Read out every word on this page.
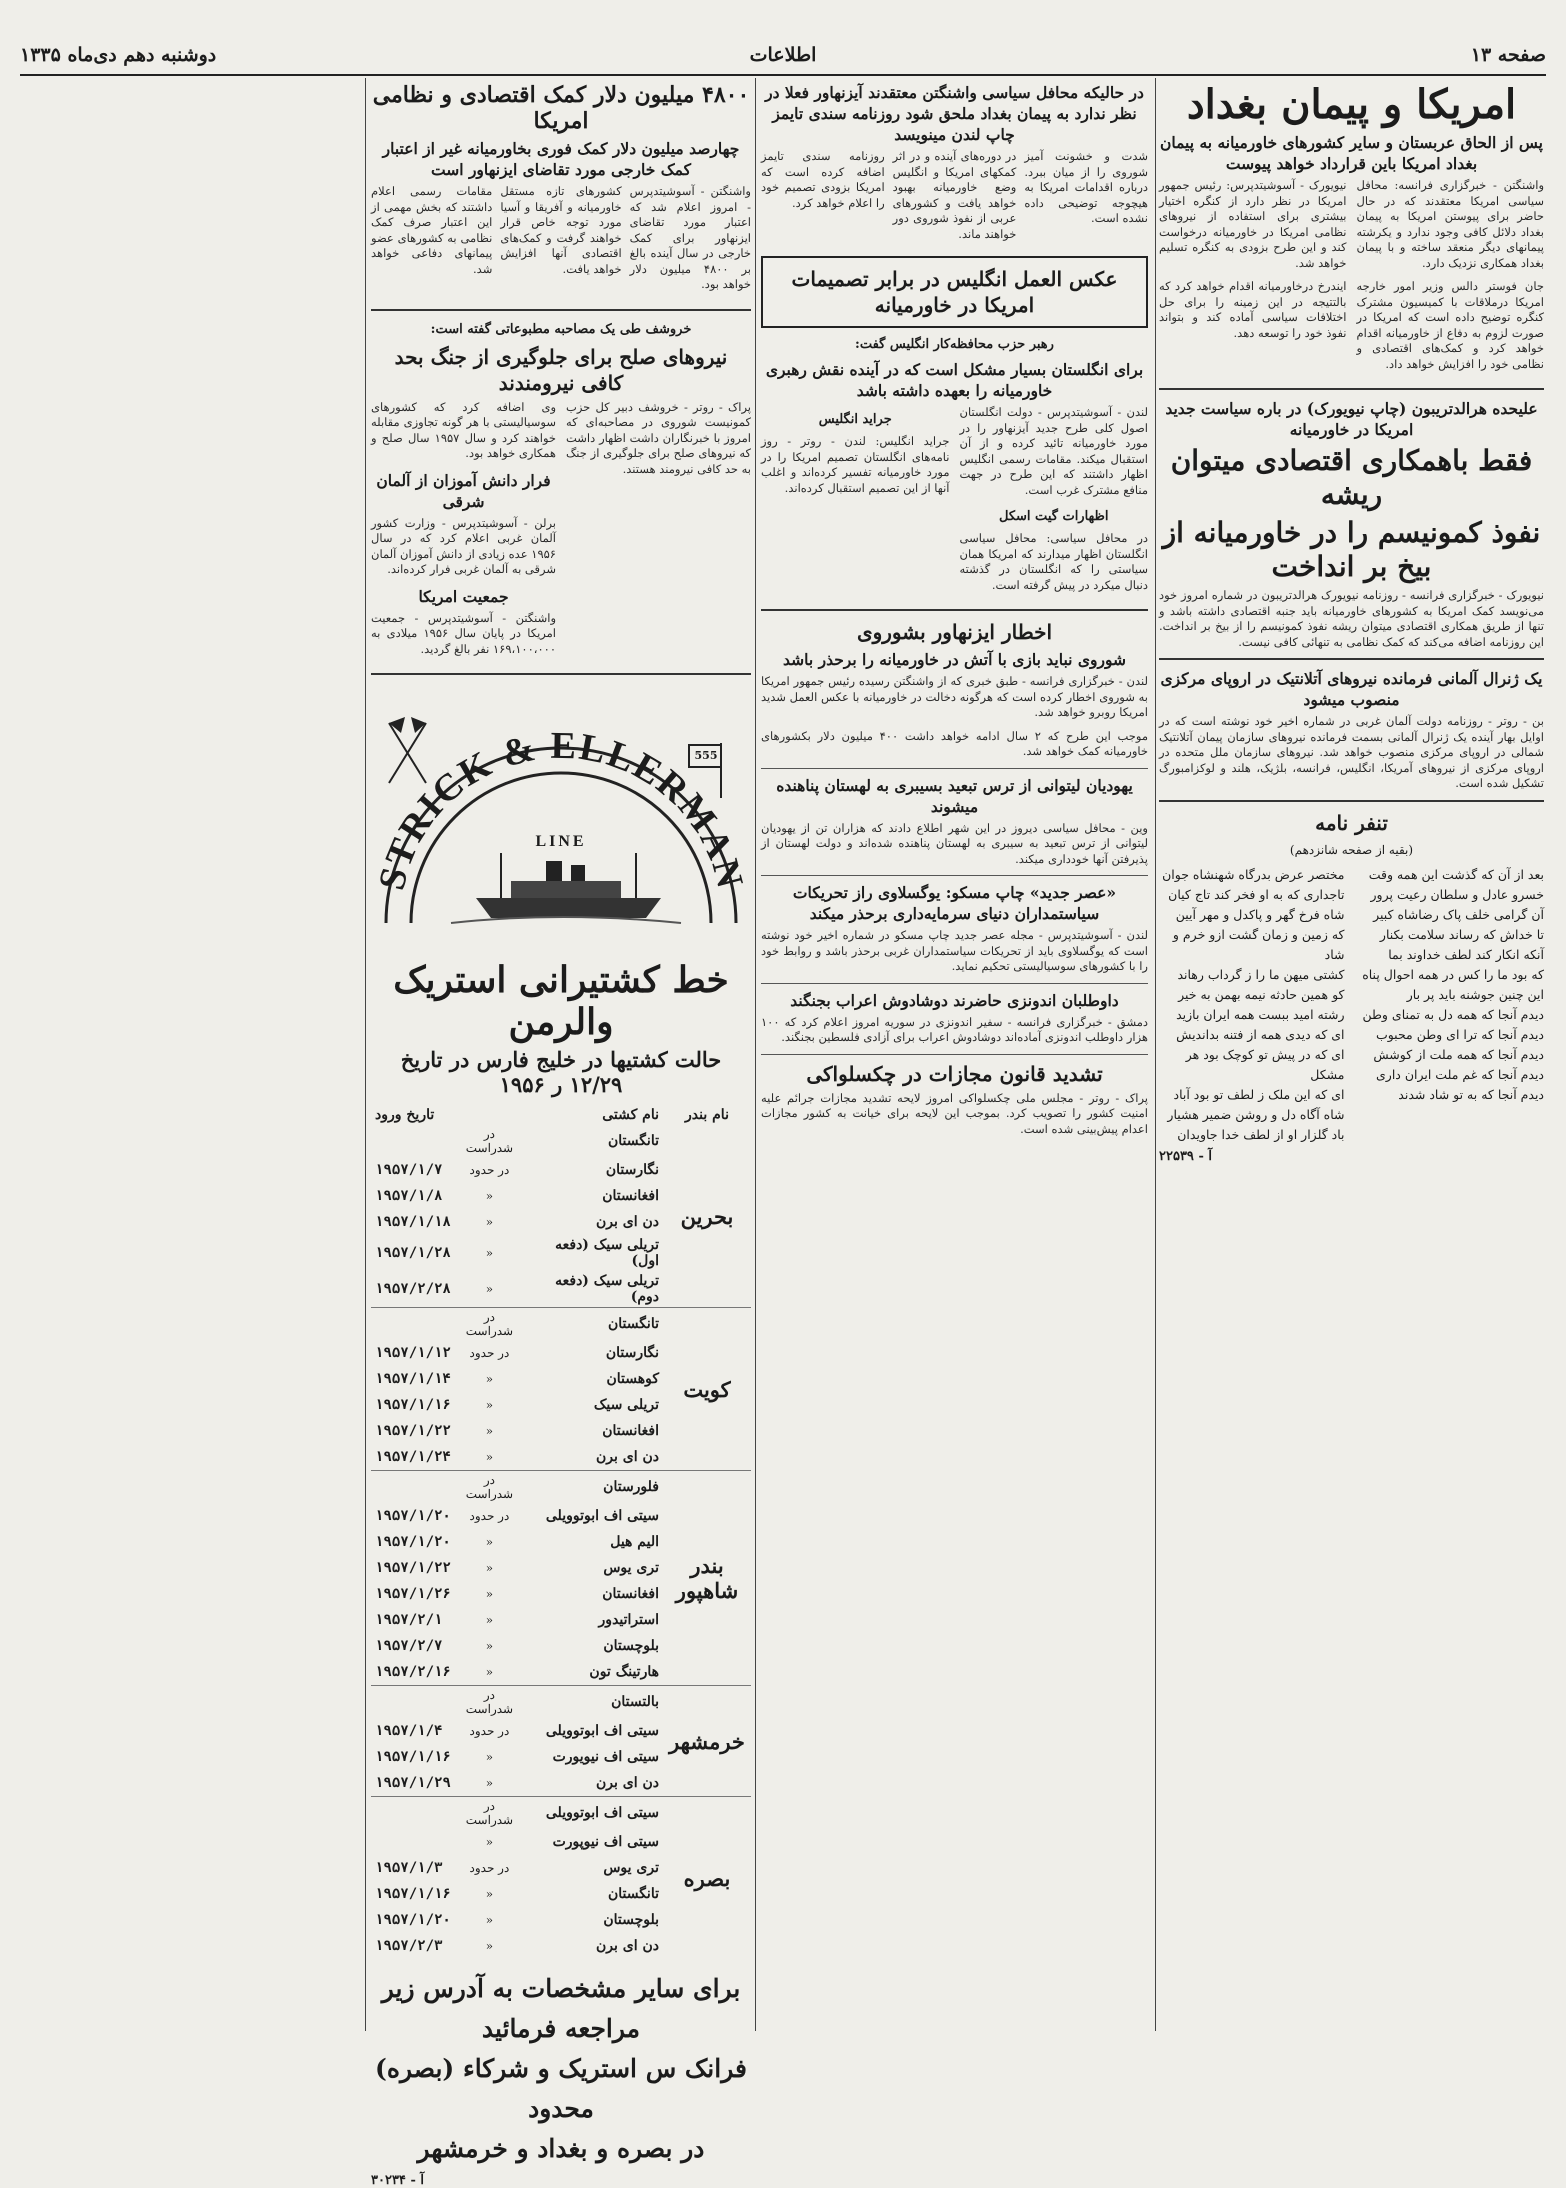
صفحه ۱۳
اطلاعات
دوشنبه دهم دی‌ماه ۱۳۳۵
امریکا و پیمان بغداد
پس از الحاق عربستان و سایر کشورهای خاورمیانه به پیمان بغداد امریکا باین قرارداد خواهد پیوست

واشنگتن - خبرگزاری فرانسه: محافل سیاسی امریکا معتقدند که در حال حاضر برای پیوستن امریکا به پیمان بغداد دلائل کافی وجود ندارد و یکرشته پیمانهای دیگر منعقد ساخته و با پیمان بغداد همکاری نزدیک دارد.

جان فوستر دالس وزیر امور خارجه امریکا درملاقات با کمیسیون مشترک کنگره توضیح داده است که امریکا در صورت لزوم به دفاع از خاورمیانه اقدام خواهد کرد و کمک‌های اقتصادی و نظامی خود را افزایش خواهد داد.

نیویورک - آسوشیتدپرس: رئیس جمهور امریکا در نظر دارد از کنگره اختیار بیشتری برای استفاده از نیروهای نظامی امریکا در خاورمیانه درخواست کند و این طرح بزودی به کنگره تسلیم خواهد شد.

ایندرخ درخاورمیانه اقدام خواهد کرد که بالتتیجه در این زمینه را برای حل اختلافات سیاسی آماده کند و بتواند نفوذ خود را توسعه دهد.

علیحده هرالدتریبون (چاپ نیویورک) در باره سیاست جدید امریکا در خاورمیانه
فقط باهمکاری اقتصادی میتوان ریشه
نفوذ کمونیسم را در خاورمیانه از بیخ بر انداخت

نیویورک - خبرگزاری فرانسه - روزنامه نیویورک هرالدتریبون در شماره امروز خود می‌نویسد کمک امریکا به کشورهای خاورمیانه باید جنبه اقتصادی داشته باشد و تنها از طریق همکاری اقتصادی میتوان ریشه نفوذ کمونیسم را از بیخ بر انداخت. این روزنامه اضافه می‌کند که کمک نظامی به تنهائی کافی نیست.

یک ژنرال آلمانی فرمانده نیروهای آتلانتیک در اروپای مرکزی منصوب میشود

بن - روتر - روزنامه دولت آلمان غربی در شماره اخیر خود نوشته است که در اوایل بهار آینده یک ژنرال آلمانی بسمت فرمانده نیروهای سازمان پیمان آتلانتیک شمالی در اروپای مرکزی منصوب خواهد شد. نیروهای سازمان ملل متحده در اروپای مرکزی از نیروهای آمریکا، انگلیس، فرانسه، بلژیک، هلند و لوکزامبورگ تشکیل شده است.

تنفر نامه
(بقیه از صفحه شانزدهم)
بعد از آن که گذشت این همه وقت
خسرو عادل و سلطان رعیت پرور
آن گرامی خلف پاک رضاشاه کبیر
تا خداش که رساند سلامت بکنار
آنکه انکار کند لطف خداوند بما
که بود ما را کس در همه احوال پناه
این چنین جوشنه باید پر بار
دیدم آنجا که همه دل به تمنای وطن
دیدم آنجا که ترا ای وطن محبوب
دیدم آنجا که همه ملت از کوشش
دیدم آنجا که غم ملت ایران داری
دیدم آنجا که به تو شاد شدند
مختصر عرض بدرگاه شهنشاه جوان
تاجداری که به او فخر کند تاج کیان
شاه فرخ گهر و پاکدل و مهر آیین
که زمین و زمان گشت ازو خرم و شاد
کشتی میهن ما را ز گرداب رهاند
کو همین حادثه نیمه بهمن به خیر
رشته امید ببست همه ایران بازید
ای که دیدی همه از فتنه بداندیش
ای که در پیش تو کوچک بود هر مشکل
ای که این ملک ز لطف تو بود آباد
شاه آگاه دل و روشن ضمیر هشیار
باد گلزار او از لطف خدا جاویدان
آ - ۲۲۵۳۹
در حالیکه محافل سیاسی واشنگتن معتقدند آیزنهاور فعلا در نظر ندارد به پیمان بغداد ملحق شود روزنامه سندی تایمز چاپ لندن مینویسد

شدت و خشونت آمیز شوروی را از میان ببرد. درباره اقدامات امریکا به هیچوجه توضیحی داده نشده است.

در دوره‌های آینده و در اثر کمکهای امریکا و انگلیس وضع خاورمیانه بهبود خواهد یافت و کشورهای عربی از نفوذ شوروی دور خواهند ماند.

روزنامه سندی تایمز اضافه کرده است که امریکا بزودی تصمیم خود را اعلام خواهد کرد.

عکس العمل انگلیس در برابر تصمیمات امریکا در خاورمیانه
رهبر حزب محافظه‌کار انگلیس گفت:
برای انگلستان بسیار مشکل است که در آینده نقش رهبری خاورمیانه را بعهده داشته باشد

لندن - آسوشیتدپرس - دولت انگلستان اصول کلی طرح جدید آیزنهاور را در مورد خاورمیانه تائید کرده و از آن استقبال میکند. مقامات رسمی انگلیس اظهار داشتند که این طرح در جهت منافع مشترک غرب است.

اظهارات گیت اسکل

در محافل سیاسی: محافل سیاسی انگلستان اظهار میدارند که امریکا همان سیاستی را که انگلستان در گذشته دنبال میکرد در پیش گرفته است.

جراید انگلیس

جراید انگلیس: لندن - روتر - روز نامه‌های انگلستان تصمیم امریکا را در مورد خاورمیانه تفسیر کرده‌اند و اغلب آنها از این تصمیم استقبال کرده‌اند.

اخطار ایزنهاور بشوروی
شوروی نباید بازی با آتش در خاورمیانه را برحذر باشد

لندن - خبرگزاری فرانسه - طبق خبری که از واشنگتن رسیده رئیس جمهور امریکا به شوروی اخطار کرده است که هرگونه دخالت در خاورمیانه با عکس العمل شدید امریکا روبرو خواهد شد.

موجب این طرح که ۲ سال ادامه خواهد داشت ۴۰۰ میلیون دلار بکشورهای خاورمیانه کمک خواهد شد.

یهودیان لیتوانی از ترس تبعید بسیبری به لهستان پناهنده میشوند

وین - محافل سیاسی دیروز در این شهر اطلاع دادند که هزاران تن از یهودیان لیتوانی از ترس تبعید به سیبری به لهستان پناهنده شده‌اند و دولت لهستان از پذیرفتن آنها خودداری میکند.

«عصر جدید» چاپ مسکو: یوگسلاوی راز تحریکات سیاستمداران دنیای سرمایه‌داری برحذر میکند

لندن - آسوشیتدپرس - مجله عصر جدید چاپ مسکو در شماره اخیر خود نوشته است که یوگسلاوی باید از تحریکات سیاستمداران غربی برحذر باشد و روابط خود را با کشورهای سوسیالیستی تحکیم نماید.

داوطلبان اندونزی حاضرند دوشادوش اعراب بجنگند

دمشق - خبرگزاری فرانسه - سفیر اندونزی در سوریه امروز اعلام کرد که ۱۰۰ هزار داوطلب اندونزی آماده‌اند دوشادوش اعراب برای آزادی فلسطین بجنگند.

تشدید قانون مجازات در چکسلواکی

پراک - روتر - مجلس ملی چکسلواکی امروز لایحه تشدید مجازات جرائم علیه امنیت کشور را تصویب کرد. بموجب این لایحه برای خیانت به کشور مجازات اعدام پیش‌بینی شده است.

۴۸۰۰ میلیون دلار کمک اقتصادی و نظامی امریکا
چهارصد میلیون دلار کمک فوری بخاورمیانه غیر از اعتبار کمک خارجی مورد تقاضای ایزنهاور است

واشنگتن - آسوشیتدپرس - امروز اعلام شد که اعتبار مورد تقاضای ایزنهاور برای کمک خارجی در سال آینده بالغ بر ۴۸۰۰ میلیون دلار خواهد بود.

کشورهای تازه مستقل خاورمیانه و آفریقا و آسیا مورد توجه خاص قرار خواهند گرفت و کمک‌های اقتصادی آنها افزایش خواهد یافت.

مقامات رسمی اعلام داشتند که بخش مهمی از این اعتبار صرف کمک نظامی به کشورهای عضو پیمانهای دفاعی خواهد شد.

خروشف طی یک مصاحبه مطبوعاتی گفته است:
نیروهای صلح برای جلوگیری از جنگ بحد کافی نیرومندند

پراک - روتر - خروشف دبیر کل حزب کمونیست شوروی در مصاحبه‌ای که امروز با خبرنگاران داشت اظهار داشت که نیروهای صلح برای جلوگیری از جنگ به حد کافی نیرومند هستند.

وی اضافه کرد که کشورهای سوسیالیستی با هر گونه تجاوزی مقابله خواهند کرد و سال ۱۹۵۷ سال صلح و همکاری خواهد بود.

فرار دانش آموزان از آلمان شرقی

برلن - آسوشیتدپرس - وزارت کشور آلمان غربی اعلام کرد که در سال ۱۹۵۶ عده زیادی از دانش آموزان آلمان شرقی به آلمان غربی فرار کرده‌اند.

جمعیت امریکا

واشنگتن - آسوشیتدپرس - جمعیت امریکا در پایان سال ۱۹۵۶ میلادی به ۱۶۹،۱۰۰،۰۰۰ نفر بالغ گردید.

STRICK & ELLERMAN
555
LINE
خط کشتیرانی استریک والرمن
حالت کشتیها در خلیج فارس در تاریخ ۱۲/۲۹ ر ۱۹۵۶
نام بندر	نام کشتی		تاریخ ورود
بحرین	تانگستان	در شدراست	
	نگارستان	در حدود	۱۹۵۷/۱/۷
	افغانستان	«	۱۹۵۷/۱/۸
	دن ای برن	«	۱۹۵۷/۱/۱۸
	تریلی سیک (دفعه اول)	«	۱۹۵۷/۱/۲۸
	تریلی سیک (دفعه دوم)	«	۱۹۵۷/۲/۲۸
کویت	تانگستان	در شدراست	
	نگارستان	در حدود	۱۹۵۷/۱/۱۲
	کوهستان	«	۱۹۵۷/۱/۱۴
	تریلی سیک	«	۱۹۵۷/۱/۱۶
	افغانستان	«	۱۹۵۷/۱/۲۲
	دن ای برن	«	۱۹۵۷/۱/۲۴
بندر شاهپور	فلورستان	در شدراست	
	سیتی اف ابوتوویلی	در حدود	۱۹۵۷/۱/۲۰
	الیم هیل	«	۱۹۵۷/۱/۲۰
	تری یوس	«	۱۹۵۷/۱/۲۲
	افغانستان	«	۱۹۵۷/۱/۲۶
	استراتیدور	«	۱۹۵۷/۲/۱
	بلوچستان	«	۱۹۵۷/۲/۷
	هارتینگ تون	«	۱۹۵۷/۲/۱۶
خرمشهر	بالتستان	در شدراست	
	سیتی اف ابوتوویلی	در حدود	۱۹۵۷/۱/۴
	سیتی اف نیویورت	«	۱۹۵۷/۱/۱۶
	دن ای برن	«	۱۹۵۷/۱/۲۹
بصره	سیتی اف ابوتوویلی	در شدراست	
	سیتی اف نیوپورت	«	
	تری یوس	در حدود	۱۹۵۷/۱/۳
	تانگستان	«	۱۹۵۷/۱/۱۶
	بلوچستان	«	۱۹۵۷/۱/۲۰
	دن ای برن	«	۱۹۵۷/۲/۳
برای سایر مشخصات به آدرس زیر مراجعه فرمائید
فرانک س استریک و شرکاء (بصره) محدود
در بصره و بغداد و خرمشهر
آ - ۳۰۲۳۴
